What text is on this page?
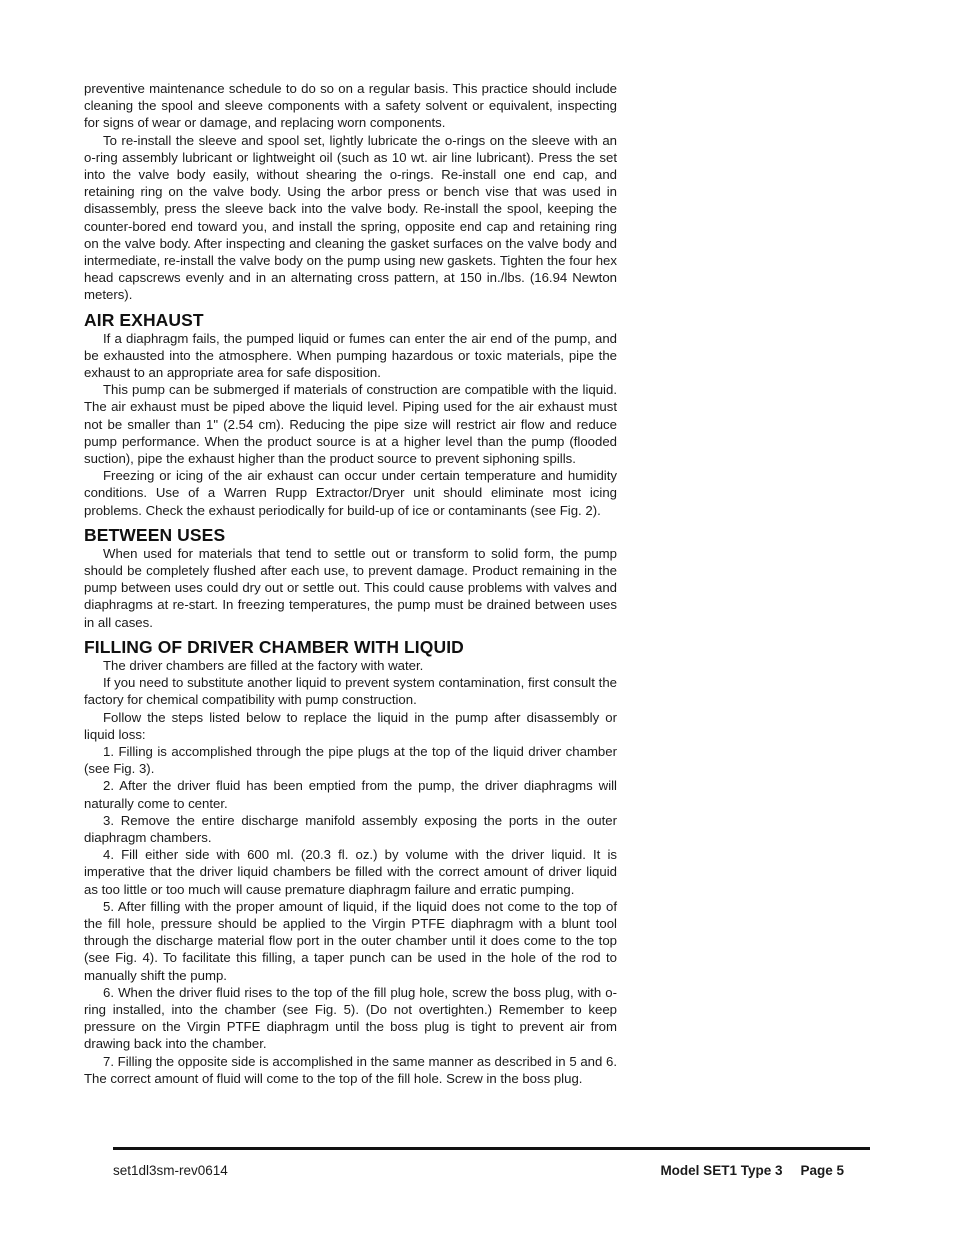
preventive maintenance schedule to do so on a regular basis. This practice should include cleaning the spool and sleeve components with a safety solvent or equivalent, inspecting for signs of wear or damage, and replacing worn components.

To re-install the sleeve and spool set, lightly lubricate the o-rings on the sleeve with an o-ring assembly lubricant or lightweight oil (such as 10 wt. air line lubricant). Press the set into the valve body easily, without shearing the o-rings. Re-install one end cap, and retaining ring on the valve body. Using the arbor press or bench vise that was used in disassembly, press the sleeve back into the valve body. Re-install the spool, keeping the counter-bored end toward you, and install the spring, opposite end cap and retaining ring on the valve body. After inspecting and cleaning the gasket surfaces on the valve body and intermediate, re-install the valve body on the pump using new gaskets. Tighten the four hex head capscrews evenly and in an alternating cross pattern, at 150 in./lbs. (16.94 Newton meters).

AIR EXHAUST

If a diaphragm fails, the pumped liquid or fumes can enter the air end of the pump, and be exhausted into the atmosphere. When pumping hazardous or toxic materials, pipe the exhaust to an appropriate area for safe disposition.

This pump can be submerged if materials of construction are compatible with the liquid. The air exhaust must be piped above the liquid level. Piping used for the air exhaust must not be smaller than 1" (2.54 cm). Reducing the pipe size will restrict air flow and reduce pump performance. When the product source is at a higher level than the pump (flooded suction), pipe the exhaust higher than the product source to prevent siphoning spills.

Freezing or icing of the air exhaust can occur under certain temperature and humidity conditions. Use of a Warren Rupp Extractor/Dryer unit should eliminate most icing problems. Check the exhaust periodically for build-up of ice or contaminants (see Fig. 2).

BETWEEN USES

When used for materials that tend to settle out or transform to solid form, the pump should be completely flushed after each use, to prevent damage. Product remaining in the pump between uses could dry out or settle out. This could cause problems with valves and diaphragms at re-start. In freezing temperatures, the pump must be drained between uses in all cases.

FILLING OF DRIVER CHAMBER WITH LIQUID

The driver chambers are filled at the factory with water.

If you need to substitute another liquid to prevent system contamination, first consult the factory for chemical compatibility with pump construction.

Follow the steps listed below to replace the liquid in the pump after disassembly or liquid loss:

1. Filling is accomplished through the pipe plugs at the top of the liquid driver chamber (see Fig. 3).

2. After the driver fluid has been emptied from the pump, the driver diaphragms will naturally come to center.

3. Remove the entire discharge manifold assembly exposing the ports in the outer diaphragm chambers.

4. Fill either side with 600 ml. (20.3 fl. oz.) by volume with the driver liquid. It is imperative that the driver liquid chambers be filled with the correct amount of driver liquid as too little or too much will cause premature diaphragm failure and erratic pumping.

5. After filling with the proper amount of liquid, if the liquid does not come to the top of the fill hole, pressure should be applied to the Virgin PTFE diaphragm with a blunt tool through the discharge material flow port in the outer chamber until it does come to the top (see Fig. 4). To facilitate this filling, a taper punch can be used in the hole of the rod to manually shift the pump.

6. When the driver fluid rises to the top of the fill plug hole, screw the boss plug, with o-ring installed, into the chamber (see Fig. 5). (Do not overtighten.) Remember to keep pressure on the Virgin PTFE diaphragm until the boss plug is tight to prevent air from drawing back into the chamber.

7. Filling the opposite side is accomplished in the same manner as described in 5 and 6. The correct amount of fluid will come to the top of the fill hole. Screw in the boss plug.

set1dl3sm-rev0614	Model SET1 Type 3 Page 5
